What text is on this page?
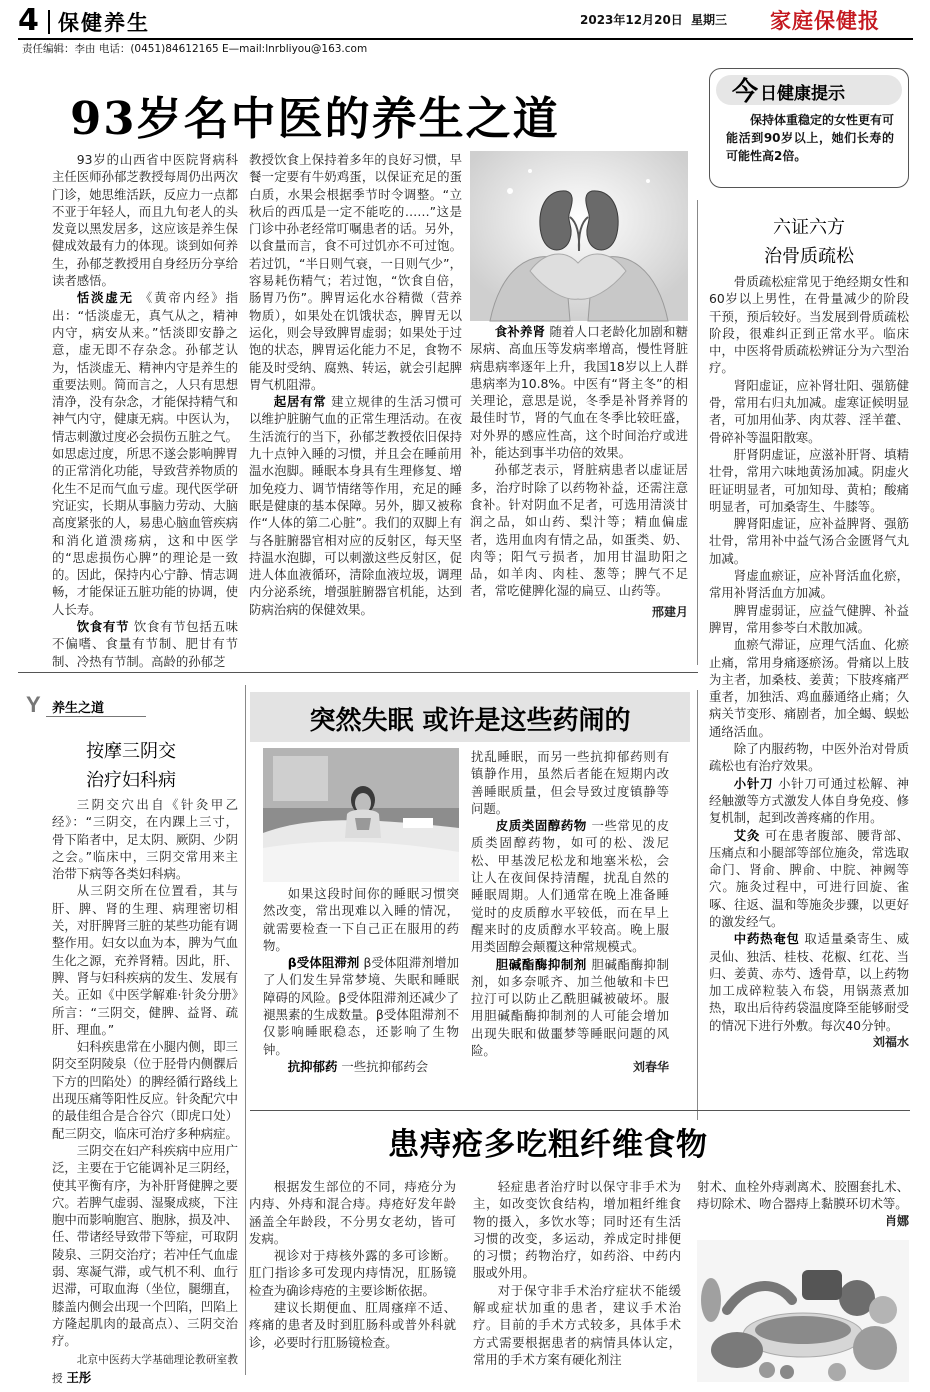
4 保健养生	2023年12月20日 星期三 家庭保健报
责任编辑：李由 电话：(0451)84612165 E—mail:lnrbliyou@163.com
93岁名中医的养生之道	今 日健康提示
保持体重稳定的女性更有可能活到90岁以上，她们长寿的可能性高2倍。

93岁的山西省中医院肾病科主任医师孙郁芝教授每周仍出两次门诊，她思维活跃，反应力一点都不亚于年轻人，而且九旬老人的头发竟以黑发居多，这应该是养生保健成效最有力的体现。谈到如何养生，孙郁芝教授用自身经历分享给读者感悟。

恬淡虚无 《黄帝内经》指出：“恬淡虚无，真气从之，精神内守，病安从来。”恬淡即安静之意，虚无即不存杂念。孙郁芝认为，恬淡虚无、精神内守是养生的重要法则。简而言之，人只有思想清净，没有杂念，才能保持精气和神气内守，健康无病。中医认为，情志刺激过度必会损伤五脏之气。如思虑过度，所思不遂会影响脾胃的正常消化功能，导致营养物质的化生不足而气血亏虚。现代医学研究证实，长期从事脑力劳动、大脑高度紧张的人，易患心脑血管疾病和消化道溃疡病，这和中医学的“思虑损伤心脾”的理论是一致的。因此，保持内心宁静、情志调畅，才能保证五脏功能的协调，使人长寿。

饮食有节 饮食有节包括五味不偏嗜、食量有节制、肥甘有节制、冷热有节制。高龄的孙郁芝

教授饮食上保持着多年的良好习惯，早餐一定要有牛奶鸡蛋，以保证充足的蛋白质，水果会根据季节时令调整。“立秋后的西瓜是一定不能吃的……”这是门诊中孙老经常叮嘱患者的话。另外，以食量而言，食不可过饥亦不可过饱。若过饥，“半日则气衰，一日则气少”，容易耗伤精气；若过饱，“饮食自倍，肠胃乃伤”。脾胃运化水谷精微（营养物质），如果处在饥饿状态，脾胃无以运化，则会导致脾胃虚弱；如果处于过饱的状态，脾胃运化能力不足，食物不能及时受纳、腐熟、转运，就会引起脾胃气机阻滞。

起居有常 建立规律的生活习惯可以维护脏腑气血的正常生理活动。在夜生活流行的当下，孙郁芝教授依旧保持九十点钟入睡的习惯，并且会在睡前用温水泡脚。睡眠本身具有生理修复、增加免疫力、调节情绪等作用，充足的睡眠是健康的基本保障。另外，脚又被称作“人体的第二心脏”。我们的双脚上有与各脏腑器官相对应的反射区，每天坚持温水泡脚，可以刺激这些反射区，促进人体血液循环，清除血液垃圾，调理内分泌系统，增强脏腑器官机能，达到防病治病的保健效果。

食补养肾 随着人口老龄化加剧和糖尿病、高血压等发病率增高，慢性肾脏病患病率逐年上升，我国18岁以上人群患病率为10.8%。中医有“肾主冬”的相关理论，意思是说，冬季是补肾养肾的最佳时节，肾的气血在冬季比较旺盛，对外界的感应性高，这个时间治疗或进补，能达到事半功倍的效果。

孙郁芝表示，肾脏病患者以虚证居多，治疗时除了以药物补益，还需注意食补。针对阴血不足者，可选用清淡甘润之品，如山药、梨汁等；精血偏虚者，选用血肉有情之品，如蛋类、奶、肉等；阳气亏损者，加用甘温助阳之品，如羊肉、肉桂、葱等；脾气不足者，常吃健脾化湿的扁豆、山药等。

邢建月
六证六方
治骨质疏松

骨质疏松症常见于绝经期女性和60岁以上男性，在骨量减少的阶段干预，预后较好。当发展到骨质疏松阶段，很难纠正到正常水平。临床中，中医将骨质疏松辨证分为六型治疗。

肾阳虚证，应补肾壮阳、强筋健骨，常用右归丸加减。虚寒证候明显者，可加用仙茅、肉苁蓉、淫羊藿、骨碎补等温阳散寒。

肝肾阴虚证，应滋补肝肾、填精壮骨，常用六味地黄汤加减。阴虚火旺证明显者，可加知母、黄柏；酸痛明显者，可加桑寄生、牛膝等。

脾肾阳虚证，应补益脾肾、强筋壮骨，常用补中益气汤合金匮肾气丸加减。

肾虚血瘀证，应补肾活血化瘀，常用补肾活血方加减。

脾胃虚弱证，应益气健脾、补益脾胃，常用参苓白术散加减。

血瘀气滞证，应理气活血、化瘀止痛，常用身痛逐瘀汤。骨痛以上肢为主者，加桑枝、姜黄；下肢疼痛严重者，加独活、鸡血藤通络止痛；久病关节变形、痛剧者，加全蝎、蜈蚣通络活血。

除了内服药物，中医外治对骨质疏松也有治疗效果。

小针刀 小针刀可通过松解、神经触激等方式激发人体自身免疫、修复机制，起到改善疼痛的作用。

艾灸 可在患者腹部、腰背部、压痛点和小腿部等部位施灸，常选取命门、肾俞、脾俞、中脘、神阙等穴。施灸过程中，可进行回旋、雀啄、往返、温和等施灸步骤，以更好的激发经气。

中药热奄包 取适量桑寄生、威灵仙、独活、桂枝、花椒、红花、当归、姜黄、赤芍、透骨草，以上药物加工成碎粒装入布袋，用锅蒸煮加热，取出后待药袋温度降至能够耐受的情况下进行外敷。每次40分钟。

刘福水
Y 养生之道
按摩三阴交
治疗妇科病

三阴交穴出自《针灸甲乙经》：“三阴交，在内踝上三寸，骨下陷者中，足太阴、厥阴、少阴之会。”临床中，三阴交常用来主治带下病等各类妇科病。

从三阴交所在位置看，其与肝、脾、肾的生理、病理密切相关，对肝脾肾三脏的某些功能有调整作用。妇女以血为本，脾为气血生化之源，充养肾精。因此，肝、脾、肾与妇科疾病的发生、发展有关。正如《中医学解难·针灸分册》所言：“三阴交，健脾、益肾、疏肝、理血。”

妇科疾患常在小腿内侧，即三阴交至阴陵泉（位于胫骨内侧髁后下方的凹陷处）的脾经循行路线上出现压痛等阳性反应。针灸配穴中的最佳组合是合谷穴（即虎口处）配三阴交，临床可治疗多种病症。

三阴交在妇产科疾病中应用广泛，主要在于它能调补足三阴经，使其平衡有序，为补肝肾健脾之要穴。若脾气虚弱、湿聚成痰，下注胞中而影响胞宫、胞脉，损及冲、任、带诸经导致带下等症，可取阴陵泉、三阴交治疗；若冲任气血虚弱、寒凝气滞，或气机不利、血行迟滞，可取血海（坐位，腿绷直，膝盖内侧会出现一个凹陷，凹陷上方隆起肌肉的最高点）、三阴交治疗。

北京中医药大学基础理论教研室教授 王彤

突然失眠 或许是这些药闹的

如果这段时间你的睡眠习惯突然改变，常出现难以入睡的情况，就需要检查一下自己正在服用的药物。

β受体阻滞剂 β受体阻滞剂增加了人们发生异常梦境、失眠和睡眠障碍的风险。β受体阻滞剂还减少了褪黑素的生成数量。β受体阻滞剂不仅影响睡眠稳态，还影响了生物钟。

抗抑郁药 一些抗抑郁药会

扰乱睡眠，而另一些抗抑郁药则有镇静作用，虽然后者能在短期内改善睡眠质量，但会导致过度镇静等问题。

皮质类固醇药物 一些常见的皮质类固醇药物，如可的松、泼尼松、甲基泼尼松龙和地塞米松，会让人在夜间保持清醒，扰乱自然的睡眠周期。人们通常在晚上准备睡觉时的皮质醇水平较低，而在早上醒来时的皮质醇水平较高。晚上服用类固醇会颠覆这种常规模式。

胆碱酯酶抑制剂 胆碱酯酶抑制剂，如多奈哌齐、加兰他敏和卡巴拉汀可以防止乙酰胆碱被破坏。服用胆碱酯酶抑制剂的人可能会增加出现失眠和做噩梦等睡眠问题的风险。

刘春华
患痔疮多吃粗纤维食物

根据发生部位的不同，痔疮分为内痔、外痔和混合痔。痔疮好发年龄涵盖全年龄段，不分男女老幼，皆可发病。

视诊对于痔核外露的多可诊断。肛门指诊多可发现内痔情况，肛肠镜检查为确诊痔疮的主要诊断依据。

建议长期便血、肛周瘙痒不适、疼痛的患者及时到肛肠科或普外科就诊，必要时行肛肠镜检查。

轻症患者治疗时以保守非手术为主，如改变饮食结构，增加粗纤维食物的摄入，多饮水等；同时还有生活习惯的改变，多运动，养成定时排便的习惯；药物治疗，如药浴、中药内服或外用。

对于保守非手术治疗症状不能缓解或症状加重的患者，建议手术治疗。目前的手术方式较多，具体手术方式需要根据患者的病情具体认定，常用的手术方案有硬化剂注

射术、血栓外痔剥离术、胶圈套扎术、痔切除术、吻合器痔上黏膜环切术等。

肖娜
